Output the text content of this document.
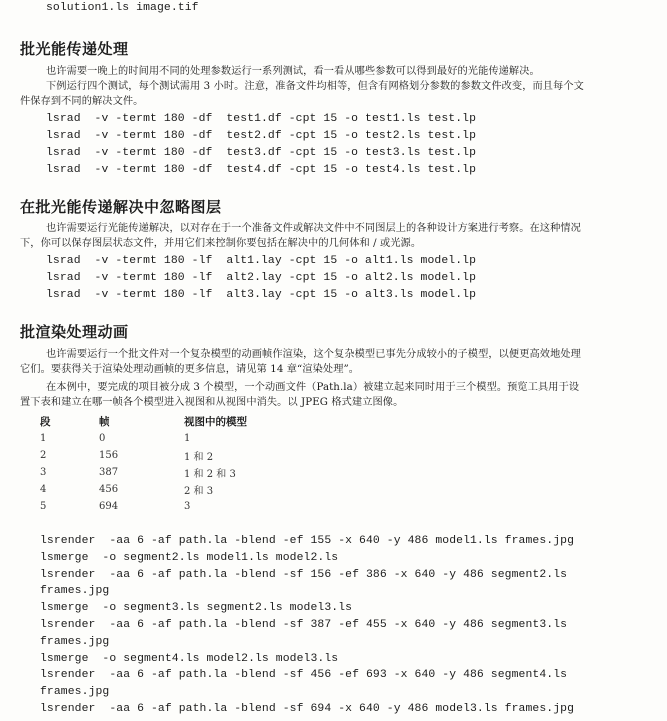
solution1.ls image.tif
批光能传递处理
也许需要一晚上的时间用不同的处理参数运行一系列测试，看一看从哪些参数可以得到最好的光能传递解决。
下例运行四个测试，每个测试需用 3 小时。注意，准备文件均相等，但含有网格划分参数的参数文件改变，而且每个文
件保存到不同的解决文件。
lsrad  -v -termt 180 -df  test1.df -cpt 15 -o test1.ls test.lp
lsrad  -v -termt 180 -df  test2.df -cpt 15 -o test2.ls test.lp
lsrad  -v -termt 180 -df  test3.df -cpt 15 -o test3.ls test.lp
lsrad  -v -termt 180 -df  test4.df -cpt 15 -o test4.ls test.lp
在批光能传递解决中忽略图层
也许需要运行光能传递解决，以对存在于一个准备文件或解决文件中不同图层上的各种设计方案进行考察。在这种情况
下，你可以保存图层状态文件，并用它们来控制你要包括在解决中的几何体和 / 或光源。
lsrad  -v -termt 180 -lf  alt1.lay -cpt 15 -o alt1.ls model.lp
lsrad  -v -termt 180 -lf  alt2.lay -cpt 15 -o alt2.ls model.lp
lsrad  -v -termt 180 -lf  alt3.lay -cpt 15 -o alt3.ls model.lp
批渲染处理动画
也许需要运行一个批文件对一个复杂模型的动画帧作渲染，这个复杂模型已事先分成较小的子模型，以便更高效地处理
它们。要获得关于渲染处理动画帧的更多信息，请见第 14 章“渲染处理”。
在本例中，要完成的项目被分成 3 个模型，一个动画文件（Path.la）被建立起来同时用于三个模型。预览工具用于设
置下表和建立在哪一帧各个模型进入视图和从视图中消失。以 JPEG 格式建立图像。
段	帧	视图中的模型
1	0	1
2	156	1 和 2
3	387	1 和 2 和 3
4	456	2 和 3
5	694	3
lsrender  -aa 6 -af path.la -blend -ef 155 -x 640 -y 486 model1.ls frames.jpg
lsmerge  -o segment2.ls model1.ls model2.ls
lsrender  -aa 6 -af path.la -blend -sf 156 -ef 386 -x 640 -y 486 segment2.ls
frames.jpg
lsmerge  -o segment3.ls segment2.ls model3.ls
lsrender  -aa 6 -af path.la -blend -sf 387 -ef 455 -x 640 -y 486 segment3.ls
frames.jpg
lsmerge  -o segment4.ls model2.ls model3.ls
lsrender  -aa 6 -af path.la -blend -sf 456 -ef 693 -x 640 -y 486 segment4.ls
frames.jpg
lsrender  -aa 6 -af path.la -blend -sf 694 -x 640 -y 486 model3.ls frames.jpg
